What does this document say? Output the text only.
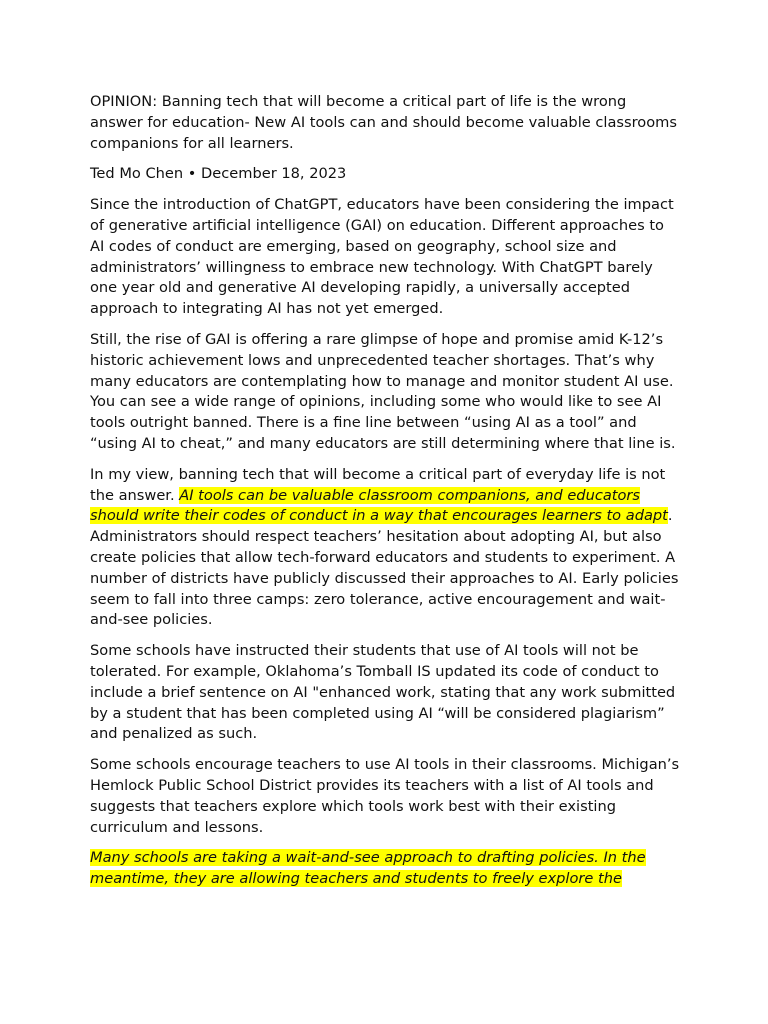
OPINION: Banning tech that will become a critical part of life is the wrong answer for education- New AI tools can and should become valuable classrooms companions for all learners.

Ted Mo Chen • December 18, 2023

Since the introduction of ChatGPT, educators have been considering the impact of generative artificial intelligence (GAI) on education. Different approaches to AI codes of conduct are emerging, based on geography, school size and administrators’ willingness to embrace new technology. With ChatGPT barely one year old and generative AI developing rapidly, a universally accepted approach to integrating AI has not yet emerged.

Still, the rise of GAI is offering a rare glimpse of hope and promise amid K-12’s historic achievement lows and unprecedented teacher shortages. That’s why many educators are contemplating how to manage and monitor student AI use. You can see a wide range of opinions, including some who would like to see AI tools outright banned. There is a fine line between “using AI as a tool” and “using AI to cheat,” and many educators are still determining where that line is.

In my view, banning tech that will become a critical part of everyday life is not the answer. AI tools can be valuable classroom companions, and educators should write their codes of conduct in a way that encourages learners to adapt. Administrators should respect teachers’ hesitation about adopting AI, but also create policies that allow tech-forward educators and students to experiment. A number of districts have publicly discussed their approaches to AI. Early policies seem to fall into three camps: zero tolerance, active encouragement and wait-and-see policies.

Some schools have instructed their students that use of AI tools will not be tolerated. For example, Oklahoma’s Tomball IS updated its code of conduct to include a brief sentence on AI "enhanced work, stating that any work submitted by a student that has been completed using AI “will be considered plagiarism” and penalized as such.

Some schools encourage teachers to use AI tools in their classrooms. Michigan’s Hemlock Public School District provides its teachers with a list of AI tools and suggests that teachers explore which tools work best with their existing curriculum and lessons.

Many schools are taking a wait-and-see approach to drafting policies. In the meantime, they are allowing teachers and students to freely explore the
